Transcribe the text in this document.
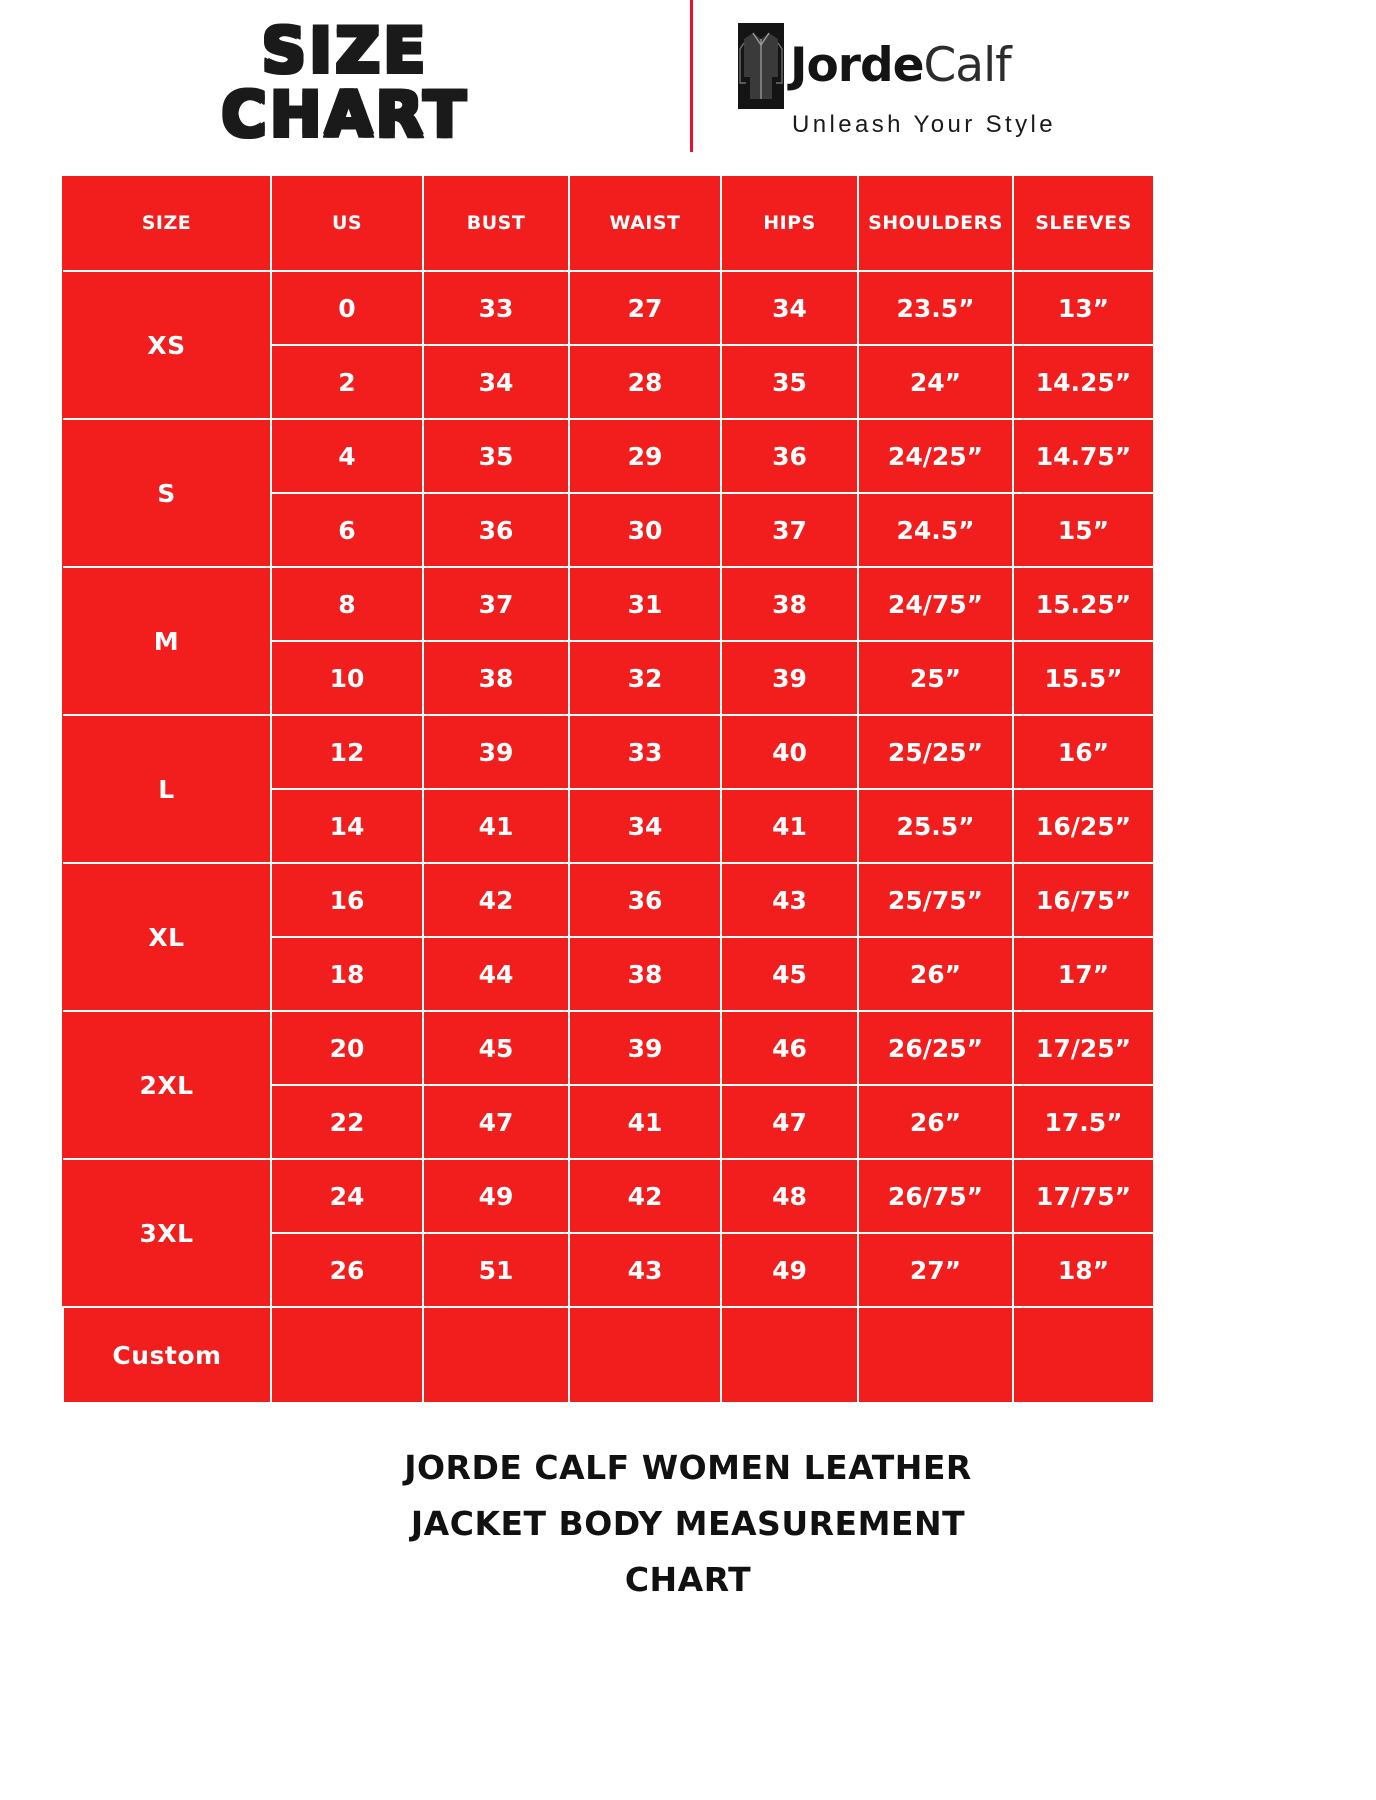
SIZE
CHART
JordeCalf
Unleash Your Style
SIZE	US	BUST	WAIST	HIPS	SHOULDERS	SLEEVES
XS	0	33	27	34	23.5”	13”
	2	34	28	35	24”	14.25”
S	4	35	29	36	24/25”	14.75”
	6	36	30	37	24.5”	15”
M	8	37	31	38	24/75”	15.25”
	10	38	32	39	25”	15.5”
L	12	39	33	40	25/25”	16”
	14	41	34	41	25.5”	16/25”
XL	16	42	36	43	25/75”	16/75”
	18	44	38	45	26”	17”
2XL	20	45	39	46	26/25”	17/25”
	22	47	41	47	26”	17.5”
3XL	24	49	42	48	26/75”	17/75”
	26	51	43	49	27”	18”
Custom						
JORDE CALF WOMEN LEATHER
JACKET BODY MEASUREMENT
CHART
